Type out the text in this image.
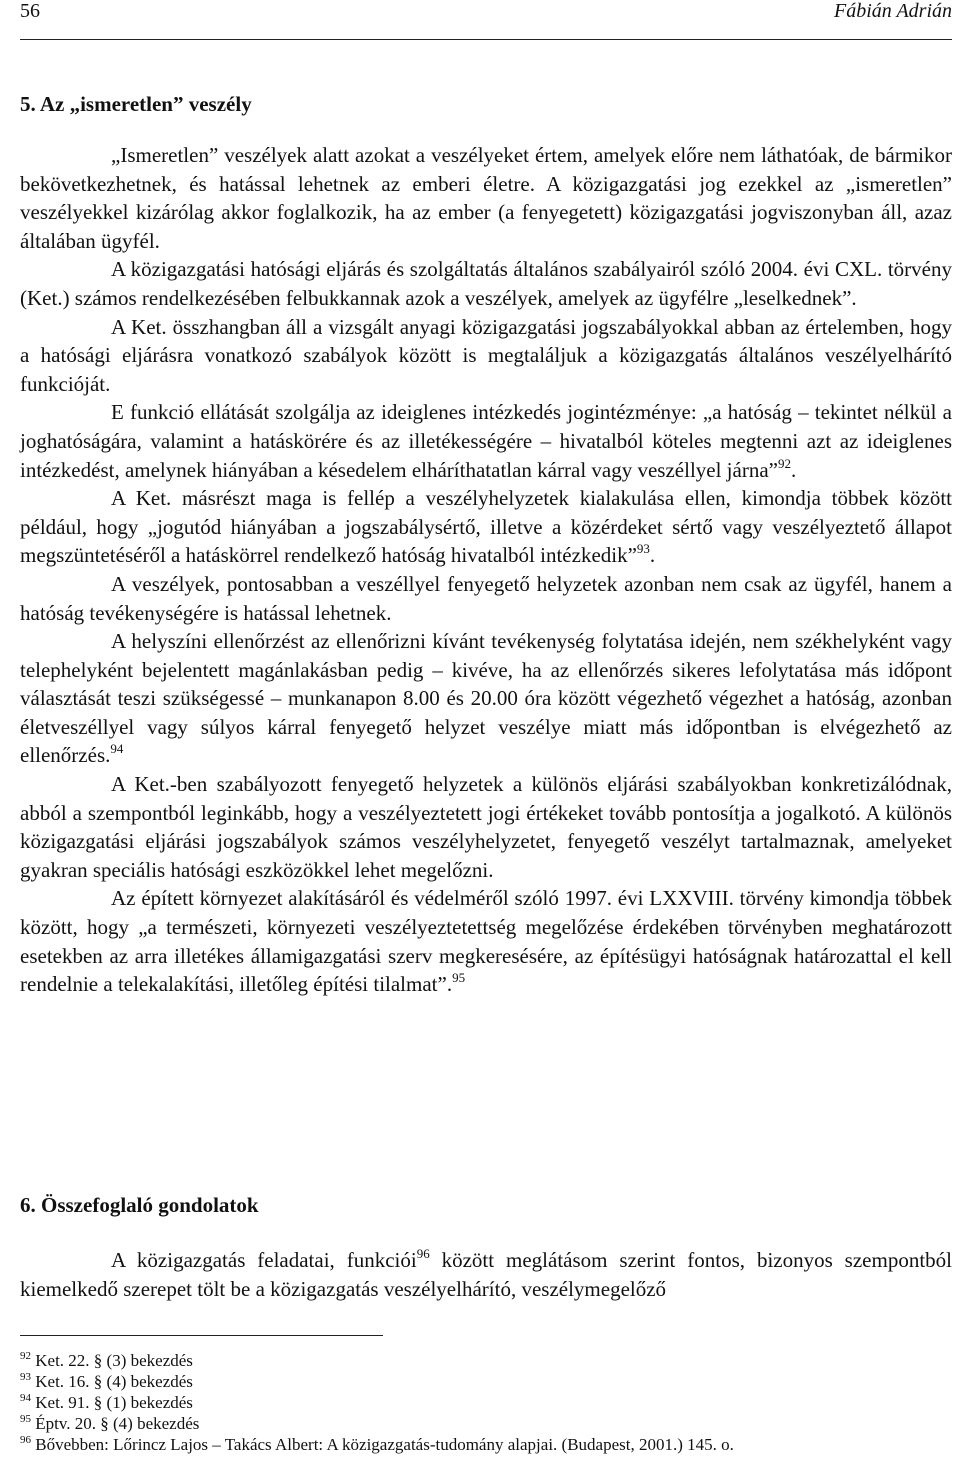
56	Fábián Adrián
5. Az „ismeretlen” veszély

„Ismeretlen” veszélyek alatt azokat a veszélyeket értem, amelyek előre nem láthatóak, de bármikor bekövetkezhetnek, és hatással lehetnek az emberi életre. A közigazgatási jog ezekkel az „ismeretlen” veszélyekkel kizárólag akkor foglalkozik, ha az ember (a fenyegetett) közigazgatási jogviszonyban áll, azaz általában ügyfél.

A közigazgatási hatósági eljárás és szolgáltatás általános szabályairól szóló 2004. évi CXL. törvény (Ket.) számos rendelkezésében felbukkannak azok a veszélyek, amelyek az ügyfélre „leselkednek”.

A Ket. összhangban áll a vizsgált anyagi közigazgatási jogszabályokkal abban az értelemben, hogy a hatósági eljárásra vonatkozó szabályok között is megtaláljuk a közigazgatás általános veszélyelhárító funkcióját.

E funkció ellátását szolgálja az ideiglenes intézkedés jogintézménye: „a hatóság – tekintet nélkül a joghatóságára, valamint a hatáskörére és az illetékességére – hivatalból köteles megtenni azt az ideiglenes intézkedést, amelynek hiányában a késedelem elháríthatatlan kárral vagy veszéllyel járna”$^{92}$.

A Ket. másrészt maga is fellép a veszélyhelyzetek kialakulása ellen, kimondja többek között például, hogy „jogutód hiányában a jogszabálysértő, illetve a közérdeket sértő vagy veszélyeztető állapot megszüntetéséről a hatáskörrel rendelkező hatóság hivatalból intézkedik”$^{93}$.

A veszélyek, pontosabban a veszéllyel fenyegető helyzetek azonban nem csak az ügyfél, hanem a hatóság tevékenységére is hatással lehetnek.

A helyszíni ellenőrzést az ellenőrizni kívánt tevékenység folytatása idején, nem székhelyként vagy telephelyként bejelentett magánlakásban pedig – kivéve, ha az ellenőrzés sikeres lefolytatása más időpont választását teszi szükségessé – munkanapon 8.00 és 20.00 óra között végezhető végezhet a hatóság, azonban életveszéllyel vagy súlyos kárral fenyegető helyzet veszélye miatt más időpontban is elvégezhető az ellenőrzés.$^{94}$

A Ket.-ben szabályozott fenyegető helyzetek a különös eljárási szabályokban konkretizálódnak, abból a szempontból leginkább, hogy a veszélyeztetett jogi értékeket tovább pontosítja a jogalkotó. A különös közigazgatási eljárási jogszabályok számos veszélyhelyzetet, fenyegető veszélyt tartalmaznak, amelyeket gyakran speciális hatósági eszközökkel lehet megelőzni.

Az épített környezet alakításáról és védelméről szóló 1997. évi LXXVIII. törvény kimondja többek között, hogy „a természeti, környezeti veszélyeztetettség megelőzése érdekében törvényben meghatározott esetekben az arra illetékes államigazgatási szerv megkeresésére, az építésügyi hatóságnak határozattal el kell rendelnie a telekalakítási, illetőleg építési tilalmat”.$^{95}$

6. Összefoglaló gondolatok

A közigazgatás feladatai, funkciói$^{96}$ között meglátásom szerint fontos, bizonyos szempontból kiemelkedő szerepet tölt be a közigazgatás veszélyelhárító, veszélymegelőző

$^{92}$ Ket. 22. § (3) bekezdés
$^{93}$ Ket. 16. § (4) bekezdés
$^{94}$ Ket. 91. § (1) bekezdés
$^{95}$ Éptv. 20. § (4) bekezdés
$^{96}$ Bővebben: Lőrincz Lajos – Takács Albert: A közigazgatás-tudomány alapjai. (Budapest, 2001.) 145. o.
